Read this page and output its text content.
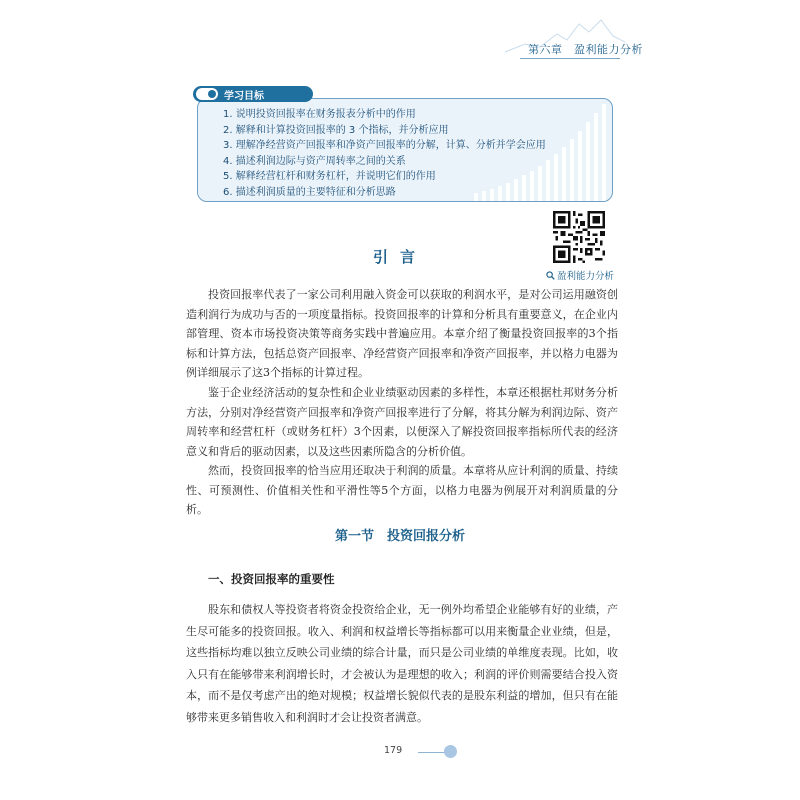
第六章　盈利能力分析
学习目标
1. 说明投资回报率在财务报表分析中的作用
2. 解释和计算投资回报率的 3 个指标，并分析应用
3. 理解净经营资产回报率和净资产回报率的分解，计算、分析并学会应用
4. 描述利润边际与资产周转率之间的关系
5. 解释经营杠杆和财务杠杆，并说明它们的作用
6. 描述利润质量的主要特征和分析思路
盈利能力分析
引言

投资回报率代表了一家公司利用融入资金可以获取的利润水平，是对公司运用融资创造利润行为成功与否的一项度量指标。投资回报率的计算和分析具有重要意义，在企业内部管理、资本市场投资决策等商务实践中普遍应用。本章介绍了衡量投资回报率的3个指标和计算方法，包括总资产回报率、净经营资产回报率和净资产回报率，并以格力电器为例详细展示了这3个指标的计算过程。

鉴于企业经济活动的复杂性和企业业绩驱动因素的多样性，本章还根据杜邦财务分析方法，分别对净经营资产回报率和净资产回报率进行了分解，将其分解为利润边际、资产周转率和经营杠杆（或财务杠杆）3个因素，以便深入了解投资回报率指标所代表的经济意义和背后的驱动因素，以及这些因素所隐含的分析价值。

然而，投资回报率的恰当应用还取决于利润的质量。本章将从应计利润的质量、持续性、可预测性、价值相关性和平滑性等5个方面，以格力电器为例展开对利润质量的分析。

第一节　投资回报分析
一、投资回报率的重要性

股东和债权人等投资者将资金投资给企业，无一例外均希望企业能够有好的业绩，产生尽可能多的投资回报。收入、利润和权益增长等指标都可以用来衡量企业业绩，但是，这些指标均难以独立反映公司业绩的综合计量，而只是公司业绩的单维度表现。比如，收入只有在能够带来利润增长时，才会被认为是理想的收入；利润的评价则需要结合投入资本，而不是仅考虑产出的绝对规模；权益增长貌似代表的是股东利益的增加，但只有在能够带来更多销售收入和利润时才会让投资者满意。

179
